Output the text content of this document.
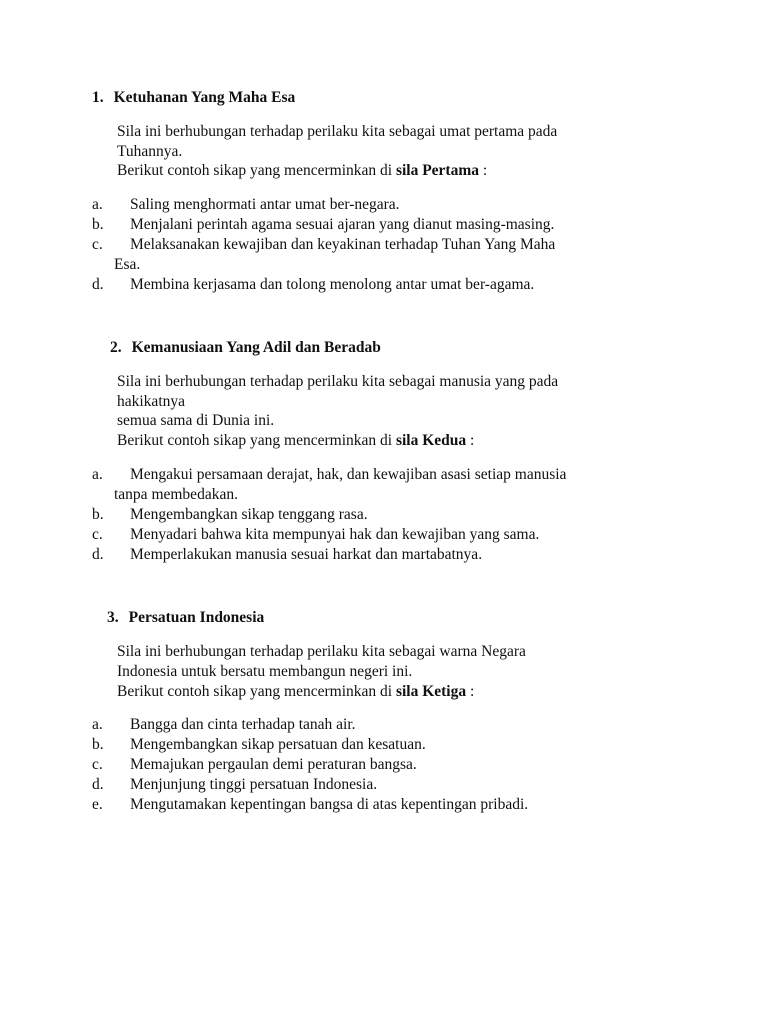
1. Ketuhanan Yang Maha Esa
Sila ini berhubungan terhadap perilaku kita sebagai umat pertama pada
Tuhannya.
Berikut contoh sikap yang mencerminkan di sila Pertama :
a. Saling menghormati antar umat ber-negara.
b. Menjalani perintah agama sesuai ajaran yang dianut masing-masing.
c. Melaksanakan kewajiban dan keyakinan terhadap Tuhan Yang Maha
Esa.
d. Membina kerjasama dan tolong menolong antar umat ber-agama.
2. Kemanusiaan Yang Adil dan Beradab
Sila ini berhubungan terhadap perilaku kita sebagai manusia yang pada
hakikatnya
semua sama di Dunia ini.
Berikut contoh sikap yang mencerminkan di sila Kedua :
a. Mengakui persamaan derajat, hak, dan kewajiban asasi setiap manusia
tanpa membedakan.
b. Mengembangkan sikap tenggang rasa.
c. Menyadari bahwa kita mempunyai hak dan kewajiban yang sama.
d. Memperlakukan manusia sesuai harkat dan martabatnya.
3. Persatuan Indonesia
Sila ini berhubungan terhadap perilaku kita sebagai warna Negara
Indonesia untuk bersatu membangun negeri ini.
Berikut contoh sikap yang mencerminkan di sila Ketiga :
a. Bangga dan cinta terhadap tanah air.
b. Mengembangkan sikap persatuan dan kesatuan.
c. Memajukan pergaulan demi peraturan bangsa.
d. Menjunjung tinggi persatuan Indonesia.
e. Mengutamakan kepentingan bangsa di atas kepentingan pribadi.
